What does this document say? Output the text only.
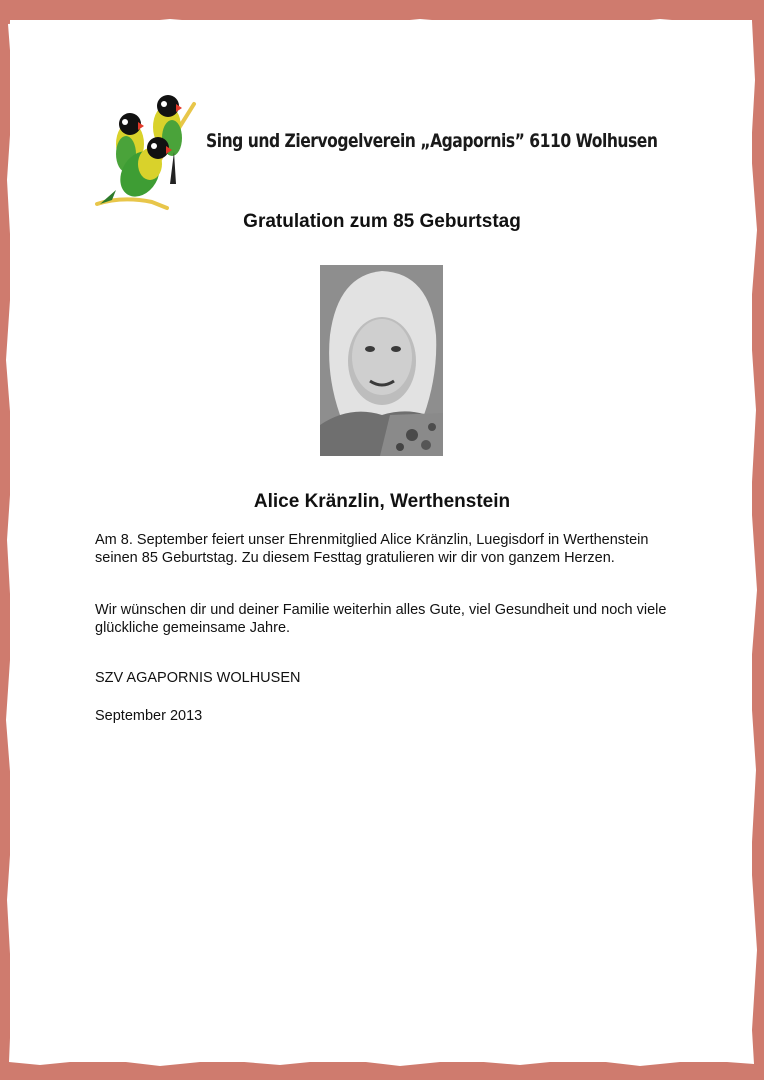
Sing und Ziervogelverein „Agapornis” 6110 Wolhusen
Gratulation zum 85 Geburtstag
Alice Kränzlin, Werthenstein
Am 8. September feiert unser Ehrenmitglied Alice Kränzlin, Luegisdorf in Werthenstein seinen 85 Geburtstag. Zu diesem Festtag gratulieren wir dir von ganzem Herzen.
Wir wünschen dir und deiner Familie weiterhin alles Gute, viel Gesundheit und noch viele glückliche gemeinsame Jahre.
SZV AGAPORNIS WOLHUSEN
September 2013
